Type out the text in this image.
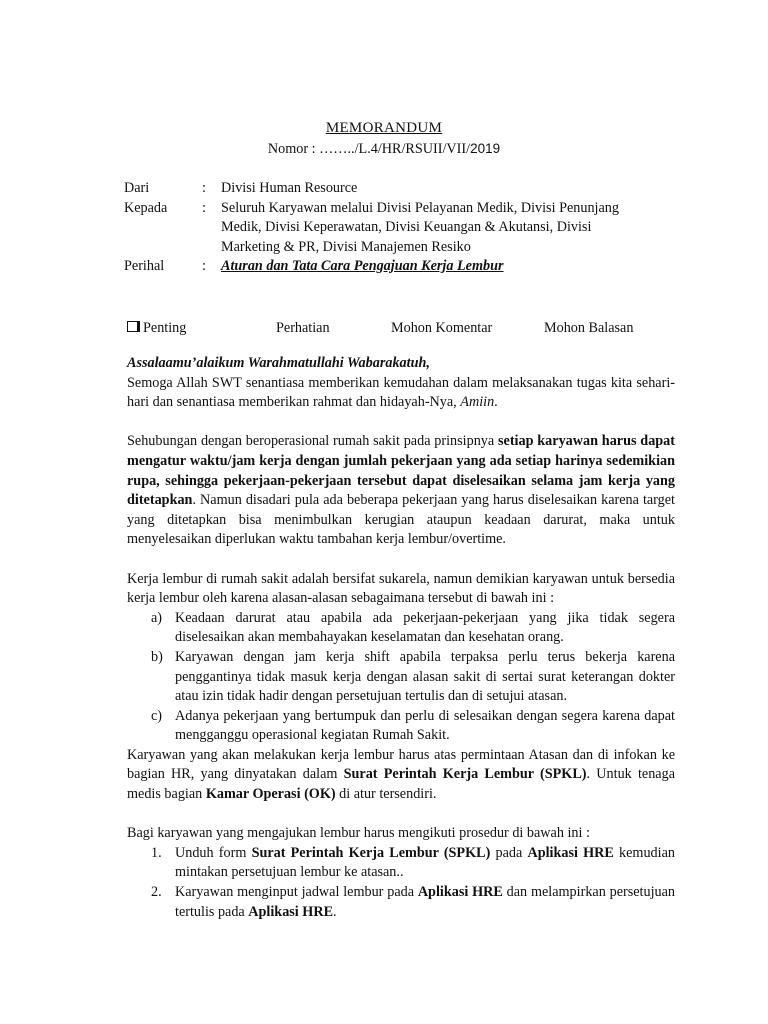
MEMORANDUM
Nomor : ……../L.4/HR/RSUII/VII/2019
Dari	: Divisi Human Resource
Kepada : Seluruh Karyawan melalui Divisi Pelayanan Medik, Divisi Penunjang Medik, Divisi Keperawatan, Divisi Keuangan & Akutansi, Divisi Marketing & PR, Divisi Manajemen Resiko
Perihal	: Aturan dan Tata Cara Pengajuan Kerja Lembur
Penting	Perhatian	Mohon Komentar	Mohon Balasan

Assalaamu’alaikum Warahmatullahi Wabarakatuh,

Semoga Allah SWT senantiasa memberikan kemudahan dalam melaksanakan tugas kita sehari-hari dan senantiasa memberikan rahmat dan hidayah-Nya, Amiin.

Sehubungan dengan beroperasional rumah sakit pada prinsipnya setiap karyawan harus dapat mengatur waktu/jam kerja dengan jumlah pekerjaan yang ada setiap harinya sedemikian rupa, sehingga pekerjaan-pekerjaan tersebut dapat diselesaikan selama jam kerja yang ditetapkan. Namun disadari pula ada beberapa pekerjaan yang harus diselesaikan karena target yang ditetapkan bisa menimbulkan kerugian ataupun keadaan darurat, maka untuk menyelesaikan diperlukan waktu tambahan kerja lembur/overtime.

Kerja lembur di rumah sakit adalah bersifat sukarela, namun demikian karyawan untuk bersedia kerja lembur oleh karena alasan-alasan sebagaimana tersebut di bawah ini :

a) Keadaan darurat atau apabila ada pekerjaan-pekerjaan yang jika tidak segera diselesaikan akan membahayakan keselamatan dan kesehatan orang.
b) Karyawan dengan jam kerja shift apabila terpaksa perlu terus bekerja karena penggantinya tidak masuk kerja dengan alasan sakit di sertai surat keterangan dokter atau izin tidak hadir dengan persetujuan tertulis dan di setujui atasan.
c) Adanya pekerjaan yang bertumpuk dan perlu di selesaikan dengan segera karena dapat mengganggu operasional kegiatan Rumah Sakit.

Karyawan yang akan melakukan kerja lembur harus atas permintaan Atasan dan di infokan ke bagian HR, yang dinyatakan dalam Surat Perintah Kerja Lembur (SPKL). Untuk tenaga medis bagian Kamar Operasi (OK) di atur tersendiri.

Bagi karyawan yang mengajukan lembur harus mengikuti prosedur di bawah ini :

1. Unduh form Surat Perintah Kerja Lembur (SPKL) pada Aplikasi HRE kemudian mintakan persetujuan lembur ke atasan..
2. Karyawan menginput jadwal lembur pada Aplikasi HRE dan melampirkan persetujuan tertulis pada Aplikasi HRE.
